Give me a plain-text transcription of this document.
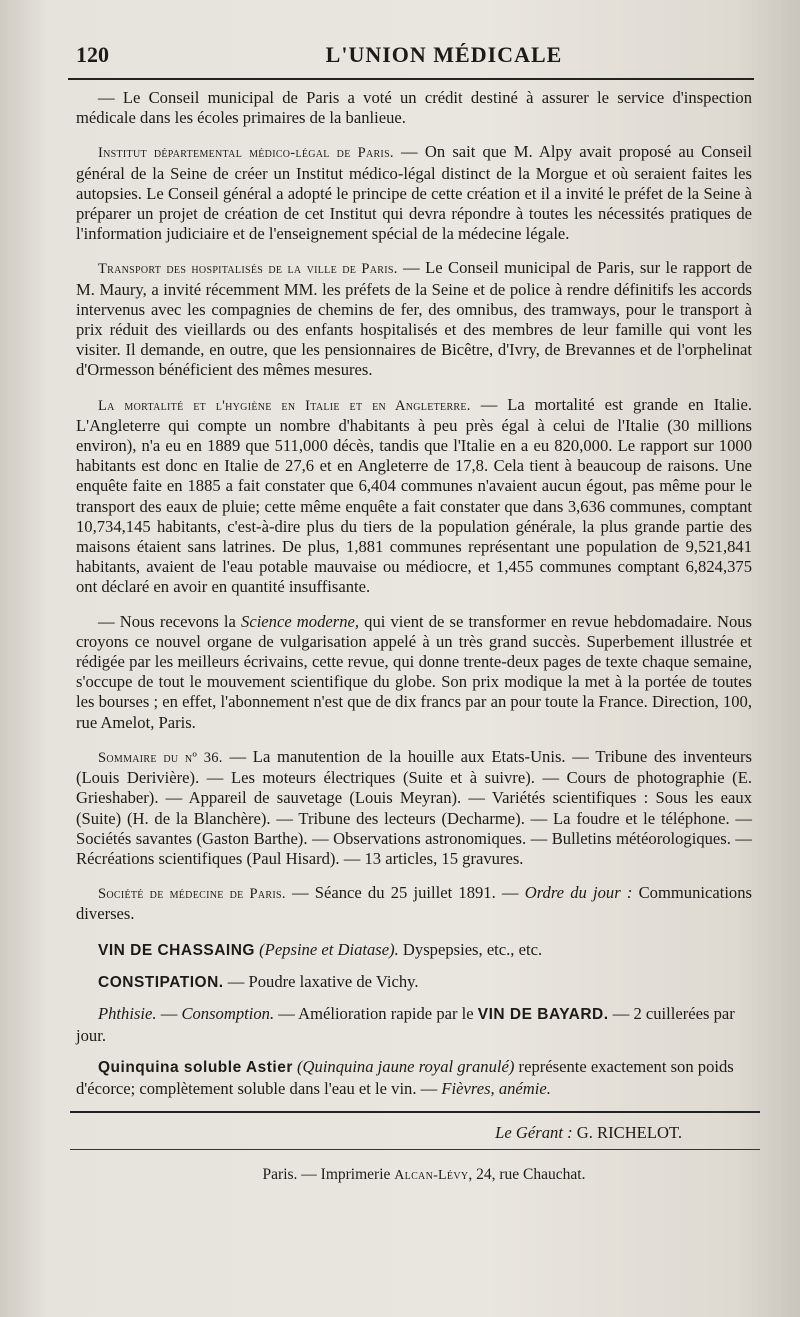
120	L'UNION MÉDICALE

— Le Conseil municipal de Paris a voté un crédit destiné à assurer le service d'inspection médicale dans les écoles primaires de la banlieue.

Institut départemental médico-légal de Paris. — On sait que M. Alpy avait proposé au Conseil général de la Seine de créer un Institut médico-légal distinct de la Morgue et où seraient faites les autopsies. Le Conseil général a adopté le principe de cette création et il a invité le préfet de la Seine à préparer un projet de création de cet Institut qui devra répondre à toutes les nécessités pratiques de l'information judiciaire et de l'enseignement spécial de la médecine légale.

Transport des hospitalisés de la ville de Paris. — Le Conseil municipal de Paris, sur le rapport de M. Maury, a invité récemment MM. les préfets de la Seine et de police à rendre définitifs les accords intervenus avec les compagnies de chemins de fer, des omnibus, des tramways, pour le transport à prix réduit des vieillards ou des enfants hospitalisés et des membres de leur famille qui vont les visiter. Il demande, en outre, que les pensionnaires de Bicêtre, d'Ivry, de Brevannes et de l'orphelinat d'Ormesson bénéficient des mêmes mesures.

La mortalité et l'hygiène en Italie et en Angleterre. — La mortalité est grande en Italie. L'Angleterre qui compte un nombre d'habitants à peu près égal à celui de l'Italie (30 millions environ), n'a eu en 1889 que 511,000 décès, tandis que l'Italie en a eu 820,000. Le rapport sur 1000 habitants est donc en Italie de 27,6 et en Angleterre de 17,8. Cela tient à beaucoup de raisons. Une enquête faite en 1885 a fait constater que 6,404 communes n'avaient aucun égout, pas même pour le transport des eaux de pluie; cette même enquête a fait constater que dans 3,636 communes, comptant 10,734,145 habitants, c'est-à-dire plus du tiers de la population générale, la plus grande partie des maisons étaient sans latrines. De plus, 1,881 communes représentant une population de 9,521,841 habitants, avaient de l'eau potable mauvaise ou médiocre, et 1,455 communes comptant 6,824,375 ont déclaré en avoir en quantité insuffisante.

— Nous recevons la Science moderne, qui vient de se transformer en revue hebdomadaire. Nous croyons ce nouvel organe de vulgarisation appelé à un très grand succès. Superbement illustrée et rédigée par les meilleurs écrivains, cette revue, qui donne trente-deux pages de texte chaque semaine, s'occupe de tout le mouvement scientifique du globe. Son prix modique la met à la portée de toutes les bourses ; en effet, l'abonnement n'est que de dix francs par an pour toute la France. Direction, 100, rue Amelot, Paris.

Sommaire du nº 36. — La manutention de la houille aux Etats-Unis. — Tribune des inventeurs (Louis Derivière). — Les moteurs électriques (Suite et à suivre). — Cours de photographie (E. Grieshaber). — Appareil de sauvetage (Louis Meyran). — Variétés scientifiques : Sous les eaux (Suite) (H. de la Blanchère). — Tribune des lecteurs (Decharme). — La foudre et le téléphone. — Sociétés savantes (Gaston Barthe). — Observations astronomiques. — Bulletins météorologiques. — Récréations scientifiques (Paul Hisard). — 13 articles, 15 gravures.

Société de médecine de Paris. — Séance du 25 juillet 1891. — Ordre du jour : Communications diverses.

VIN DE CHASSAING (Pepsine et Diatase). Dyspepsies, etc., etc.
CONSTIPATION. — Poudre laxative de Vichy.
Phthisie. — Consomption. — Amélioration rapide par le VIN DE BAYARD. — 2 cuillerées par jour.
Quinquina soluble Astier (Quinquina jaune royal granulé) représente exactement son poids d'écorce; complètement soluble dans l'eau et le vin. — Fièvres, anémie.
Le Gérant : G. RICHELOT.
Paris. — Imprimerie Alcan-Lévy, 24, rue Chauchat.
